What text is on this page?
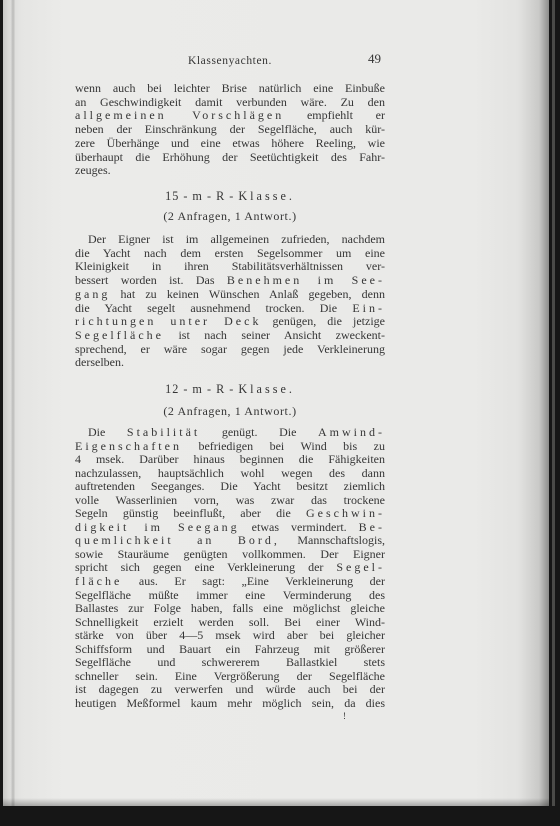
Klassenyachten.	49
wenn auch bei leichter Brise natürlich eine Einbuße
an Geschwindigkeit damit verbunden wäre. Zu den
allgemeinen Vorschlägen empfiehlt er
neben der Einschränkung der Segelfläche, auch kür-
zere Überhänge und eine etwas höhere Reeling, wie
überhaupt die Erhöhung der Seetüchtigkeit des Fahr-
zeuges.
15 - m - R - Klasse.
(2 Anfragen, 1 Antwort.)
Der Eigner ist im allgemeinen zufrieden, nachdem
die Yacht nach dem ersten Segelsommer um eine
Kleinigkeit in ihren Stabilitätsverhältnissen ver-
bessert worden ist. Das Benehmen im See-
gang hat zu keinen Wünschen Anlaß gegeben, denn
die Yacht segelt ausnehmend trocken. Die Ein-
richtungen unter Deck genügen, die jetzige
Segelfläche ist nach seiner Ansicht zweckent-
sprechend, er wäre sogar gegen jede Verkleinerung
derselben.
12 - m - R - Klasse.
(2 Anfragen, 1 Antwort.)
Die Stabilität genügt. Die Amwind-
Eigenschaften befriedigen bei Wind bis zu
4 msek. Darüber hinaus beginnen die Fähigkeiten
nachzulassen, hauptsächlich wohl wegen des dann
auftretenden Seeganges. Die Yacht besitzt ziemlich
volle Wasserlinien vorn, was zwar das trockene
Segeln günstig beeinflußt, aber die Geschwin-
digkeit im Seegang etwas vermindert. Be-
quemlichkeit an Bord, Mannschaftslogis,
sowie Stauräume genügten vollkommen. Der Eigner
spricht sich gegen eine Verkleinerung der Segel-
fläche aus. Er sagt: „Eine Verkleinerung der
Segelfläche müßte immer eine Verminderung des
Ballastes zur Folge haben, falls eine möglichst gleiche
Schnelligkeit erzielt werden soll. Bei einer Wind-
stärke von über 4—5 msek wird aber bei gleicher
Schiffsform und Bauart ein Fahrzeug mit größerer
Segelfläche und schwererem Ballastkiel stets
schneller sein. Eine Vergrößerung der Segelfläche
ist dagegen zu verwerfen und würde auch bei der
heutigen Meßformel kaum mehr möglich sein, da dies
!
